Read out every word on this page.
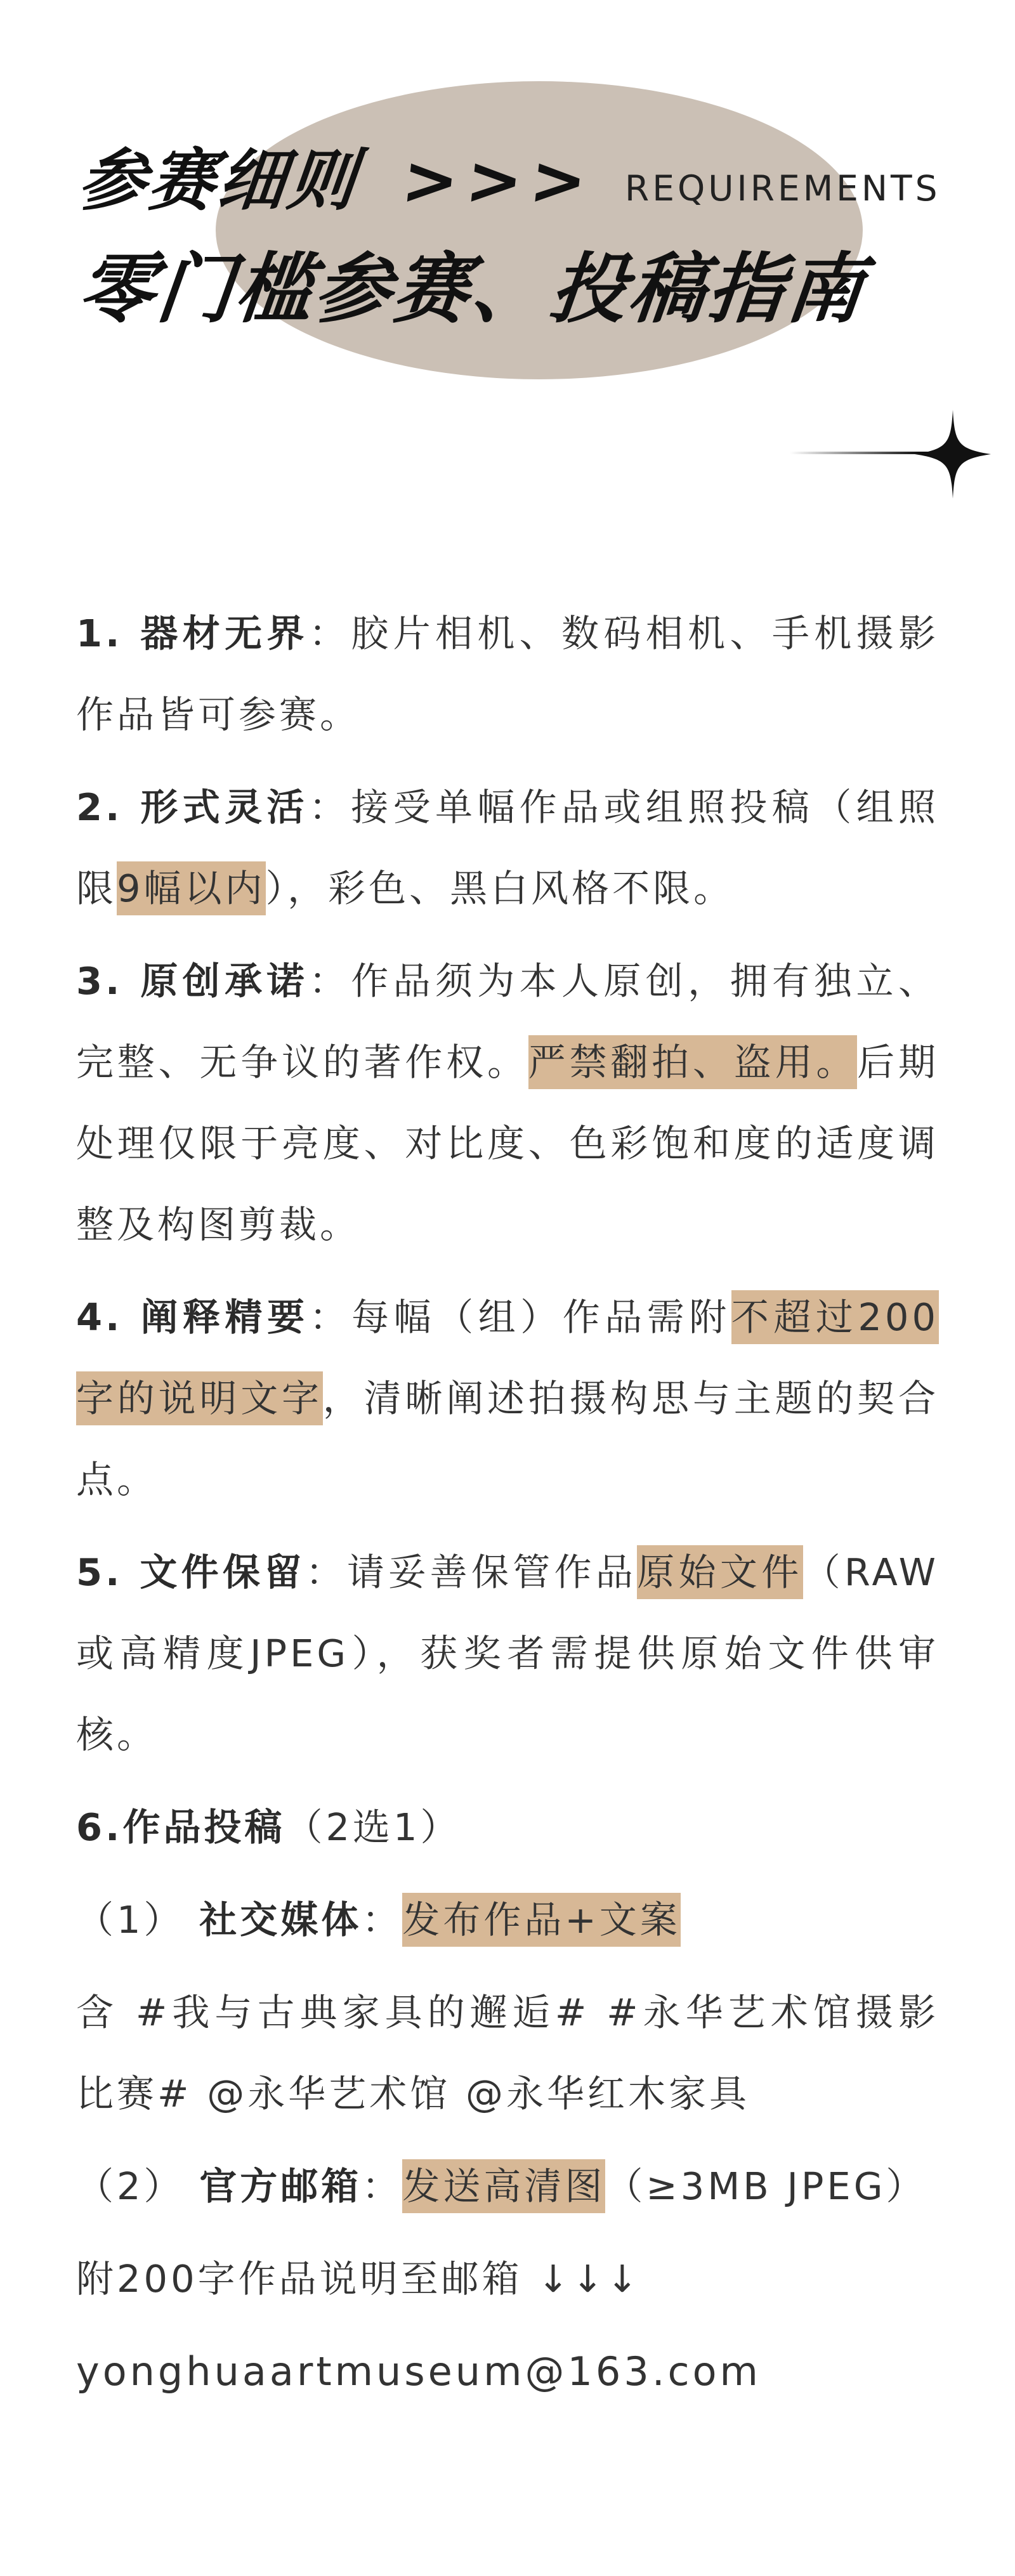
参赛细则 >>> REQUIREMENTS
零门槛参赛、投稿指南

1. 器材无界：胶片相机、数码相机、手机摄影作品皆可参赛。

2. 形式灵活：接受单幅作品或组照投稿（组照限9幅以内），彩色、黑白风格不限。

3. 原创承诺：作品须为本人原创，拥有独立、完整、无争议的著作权。严禁翻拍、盗用。后期处理仅限于亮度、对比度、色彩饱和度的适度调整及构图剪裁。

4. 阐释精要：每幅（组）作品需附不超过200字的说明文字，清晰阐述拍摄构思与主题的契合点。

5. 文件保留：请妥善保管作品原始文件（RAW或高精度JPEG），获奖者需提供原始文件供审核。

6.作品投稿（2选1）

（1） 社交媒体：发布作品+文案

含 #我与古典家具的邂逅# #永华艺术馆摄影比赛# @永华艺术馆 @永华红木家具

（2） 官方邮箱：发送高清图（≥3MB JPEG）

附200字作品说明至邮箱 ↓↓↓

yonghuaartmuseum@163.com
